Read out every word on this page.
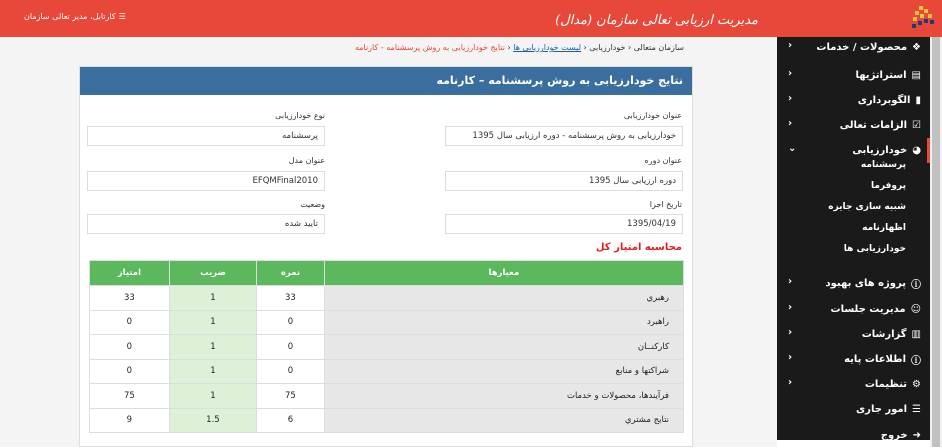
مدیریت ارزیابی تعالی سازمان (مدال)
☰
کارتابل، مدیر تعالی سازمان
❖
محصولات / خدمات
‹
▤
استراتژیها
‹
▮
الگوبرداری
‹
☑
الزامات تعالی
‹
◕
خودارزیابی
⌄
ⓘ
پروژه های بهبود
‹
☺
مدیریت جلسات
‹
▥
گزارشات
‹
ⓘ
اطلاعات پایه
‹
⚙
تنظیمات
‹
☰
امور جاری
➜
خروج
پرسشنامه
پروفرما
شبیه سازی جایزه
اظهارنامه
خودارزیابی ها
سازمان متعالی ‹ خودارزیابی ‹ لیست خودارزیابی ها ‹ نتایج خودارزیابی به روش پرسشنامه - کارنامه
نتایج خودارزیابی به روش پرسشنامه – کارنامه
عنوان خودارزیابی
خودارزیابی به روش پرسشنامه - دوره ارزیابی سال 1395
نوع خودارزیابی
پرسشنامه
عنوان دوره
دوره ارزیابی سال 1395
عنوان مدل
EFQMFinal2010
تاریخ اجرا
1395/04/19
وضعیت
تایید شده
محاسبه امتیاز کل
معیارها	نمره	ضریب	امتیاز
رهبري	33	1	33
راهبرد	0	1	0
کارکنــان	0	1	0
شراکتها و منابع	0	1	0
فرآیندها، محصولات و خدمات	75	1	75
نتایج مشتري	6	1.5	9
